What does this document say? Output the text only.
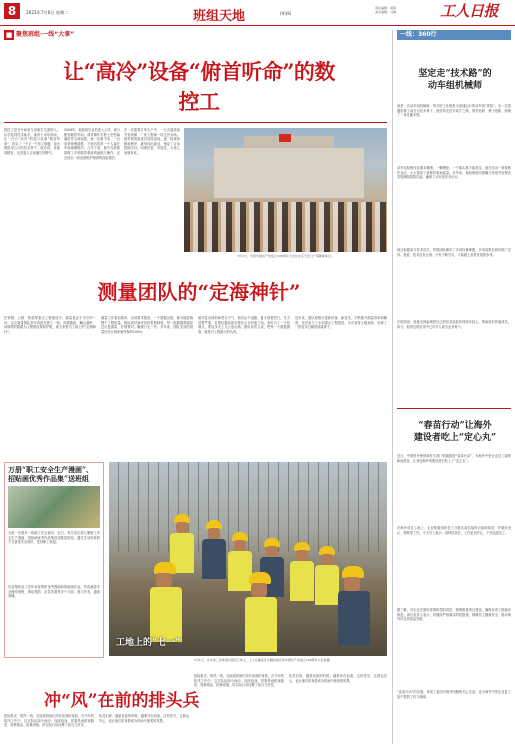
8	2021年7月6日 星期二	班组天地	(9)(8)
责任编辑：胡颖
美术编辑：马琳	工人日报
■ 聚焦班组·一线“大拿”
让“高冷”设备“俯首听命”的数控工
数控工是在车间里与设备打交道的人。从学徒到技术能手，他用十余年时间，让一台台“高冷”的进口设备“俯首听命”，攻克了一个又一个加工难题，成为班组里公认的技术骨干。他总说，设备再精密，也得靠人去读懂它的脾气。
2006年，他技校毕业后进入公司，被分配到数控车间。面对操作手册上密密麻麻的外文和参数，他一边啃书本，一边向老师傅请教，下班后常常一个人留在车间琢磨程序。几年下来，他不仅熟练掌握了多种数控系统的编程与操作，还总结出一套设备维护保养的经验做法。
在一次重要订单生产中，一台关键设备突发故障，厂家工程师一时无法到场。他带领班组成员连续奋战，逐一排查线路和程序，最终找出症结，保证了订单按期交付。同事们说，有他在，大家心里就有底。
7月1日，庆祝中国共产党成立100周年大会在北京天安门广场隆重举行。
测量团队的“定海神针”
在铁路、公路、桥梁等重点工程建设中，测量是必不可少的一环。这支测量团队常年奔波在施工一线，风餐露宿，翻山越岭，用精准的数据为工程建设保驾护航，被大家誉为工地上的“定海神针”。
测量工作看似简单，实则要求极高，一个数据出错，就可能影响整个工程质量。团队成员始终坚持复核制度，每一组数据都要经过反复测量、仔细核对，确保万无一失。多年来，团队完成的测量任务合格率始终保持100%。
面对复杂地形和恶劣天气，他们从不退缩。夏天顶着烈日，冬天冒着严寒，扛着仪器设备穿梭在山谷河流之间。有时为了一个控制点，要徒步走上几公里山路。团队负责人说，把每一个数据测准，就是对工程最大的负责。
近年来，团队积极引进新设备、新技术，不断提升测量效率和精度，先后参与了多项重点工程建设，多次获得上级表彰，培养了一批技术过硬的测量骨干。
万册“职工安全生产漫画”、招贴画优秀作品集”送班组
为进一步提升一线职工安全意识，近日，有关单位将万册职工安全生产漫画、招贴画优秀作品集送到基层班组，通过生动形象的方式普及安全知识，受到职工欢迎。
作品集收录了近年来征集的优秀漫画和招贴画作品，内容涵盖安全操作规程、事故预防、应急处置等多个方面，图文并茂，通俗易懂。
工地上的“七一”
7月1日，在中建三局某项目建设工地上，工人们戴着安全帽收看庆祝中国共产党成立100周年大会直播。
冲“风”在前的排头兵
抢险救灾、防汛一线，总能看到他们冲在前面的身影。在今年的防汛工作中，这支队伍闻令而动，连续奋战，冒着风雨排查隐患、转移群众、抢修设施，用实际行动诠释了担当与责任。
队员们说，越是危险的时候，越要冲在前面。这份坚守，让群众安心，也让他们的身影成为风雨中最美的风景。
抢险救灾、防汛一线，总能看到他们冲在前面的身影。在今年的防汛工作中，这支队伍闻令而动，连续奋战，冒着风雨排查隐患、转移群众、抢修设施，用实际行动诠释了担当与责任。
队员们说，越是危险的时候，越要冲在前面。这份坚守，让群众安心，也让他们的身影成为风雨中最美的风景。
一线：360行
坚定走“技术路”的
动车组机械师
他是一名动车组机械师，每天的工作就是为高速运行的动车组“体检”。从一名普通检修工成长为技术骨干，他坚持走技术成才之路，刻苦钻研、勇于创新，练就了一身过硬本领。
动车组检修作业要求精细，一颗螺栓、一个插头都不能放过。他总结出一套检修作业法，大大提高了检修效率和质量。多年来，他和班组同事累计发现并处理各类故障隐患数百起，确保了动车组安全运行。
他还积极参与技术攻关，带领团队解决了多项检修难题，多项成果在段内推广应用。他说，技术没有止境，只有不断学习，才能跟上高铁发展的步伐。
在班组里，他毫无保留地把自己的技术经验传授给年轻人，帮助他们快速成长。如今，他带过的徒弟中已有多人成为业务骨干。
“春苗行动”让海外
建设者吃上“定心丸”
近日，中国驻外使馆和有关部门积极推进“春苗行动”，为海外中资企业员工接种新冠疫苗，让身处海外的建设者们吃上了“定心丸”。
在海外项目工地上，企业积极组织员工分批次前往接种点接种疫苗，并做好登记、观察等工作。不少员工表示，接种疫苗后，工作更加安心，干劲也更足了。
据了解，各企业在做好疫情防控的同时，统筹推进项目建设，确保各项工程稳步推进。项目负责人表示，将继续严格落实防控措施，保障员工健康安全，推动海外项目高质量发展。
“春苗行动”的实施，体现了祖国对海外同胞的关心关爱，也为海外中资企业复工复产提供了有力保障。
